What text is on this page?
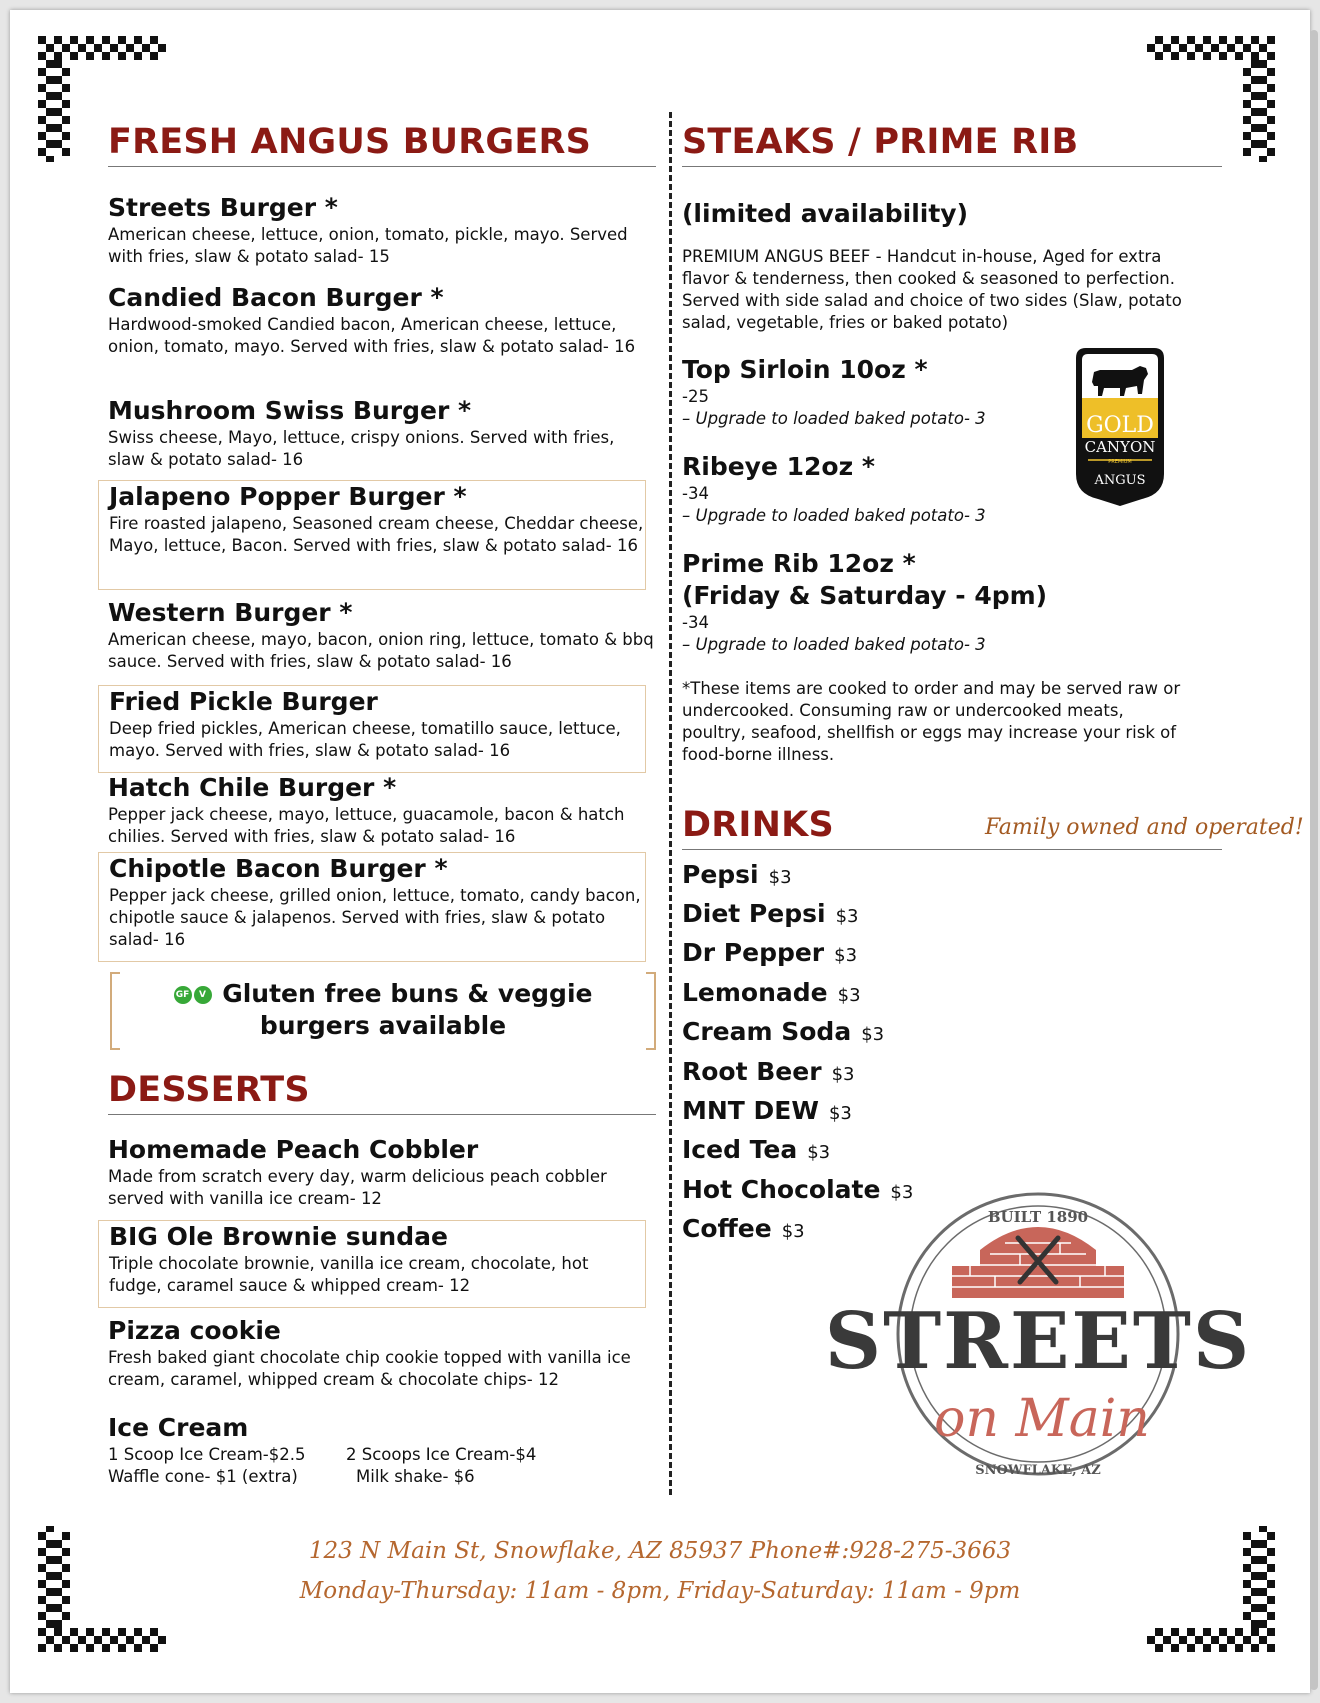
FRESH ANGUS BURGERS
Streets Burger *
American cheese, lettuce, onion, tomato, pickle, mayo. Served with fries, slaw & potato salad- 15
Candied Bacon Burger *
Hardwood-smoked Candied bacon, American cheese, lettuce, onion, tomato, mayo. Served with fries, slaw & potato salad- 16
Mushroom Swiss Burger *
Swiss cheese, Mayo, lettuce, crispy onions. Served with fries, slaw & potato salad- 16
Jalapeno Popper Burger *
Fire roasted jalapeno, Seasoned cream cheese, Cheddar cheese, Mayo, lettuce, Bacon. Served with fries, slaw & potato salad- 16
Western Burger *
American cheese, mayo, bacon, onion ring, lettuce, tomato & bbq sauce. Served with fries, slaw & potato salad- 16
Fried Pickle Burger
Deep fried pickles, American cheese, tomatillo sauce, lettuce, mayo. Served with fries, slaw & potato salad- 16
Hatch Chile Burger *
Pepper jack cheese, mayo, lettuce, guacamole, bacon & hatch chilies. Served with fries, slaw & potato salad- 16
Chipotle Bacon Burger *
Pepper jack cheese, grilled onion, lettuce, tomato, candy bacon, chipotle sauce & jalapenos. Served with fries, slaw & potato salad- 16
GF V Gluten free buns & veggie burgers available
DESSERTS
Homemade Peach Cobbler
Made from scratch every day, warm delicious peach cobbler served with vanilla ice cream- 12
BIG Ole Brownie sundae
Triple chocolate brownie, vanilla ice cream, chocolate, hot fudge, caramel sauce & whipped cream- 12
Pizza cookie
Fresh baked giant chocolate chip cookie topped with vanilla ice cream, caramel, whipped cream & chocolate chips- 12
Ice Cream
1 Scoop Ice Cream-$2.5 2 Scoops Ice Cream-$4
Waffle cone- $1 (extra)	Milk shake- $6
STEAKS / PRIME RIB
(limited availability)
PREMIUM ANGUS BEEF - Handcut in-house, Aged for extra flavor & tenderness, then cooked & seasoned to perfection. Served with side salad and choice of two sides (Slaw, potato salad, vegetable, fries or baked potato)
Top Sirloin 10oz *
-25
– Upgrade to loaded baked potato- 3
Ribeye 12oz *
-34
– Upgrade to loaded baked potato- 3
Prime Rib 12oz *
(Friday & Saturday - 4pm)
-34
– Upgrade to loaded baked potato- 3
*These items are cooked to order and may be served raw or undercooked. Consuming raw or undercooked meats, poultry, seafood, shellfish or eggs may increase your risk of food-borne illness.
GOLD
CANYON
PREMIUM
ANGUS
DRINKS
Pepsi $3
Diet Pepsi $3
Dr Pepper $3
Lemonade $3
Cream Soda $3
Root Beer $3
MNT DEW $3
Iced Tea $3
Hot Chocolate $3
Coffee $3
Family owned and operated!
BUILT 1890
STREETS
on Main
SNOWFLAKE, AZ
123 N Main St, Snowflake, AZ 85937 Phone#:928-275-3663
Monday-Thursday: 11am - 8pm, Friday-Saturday: 11am - 9pm
